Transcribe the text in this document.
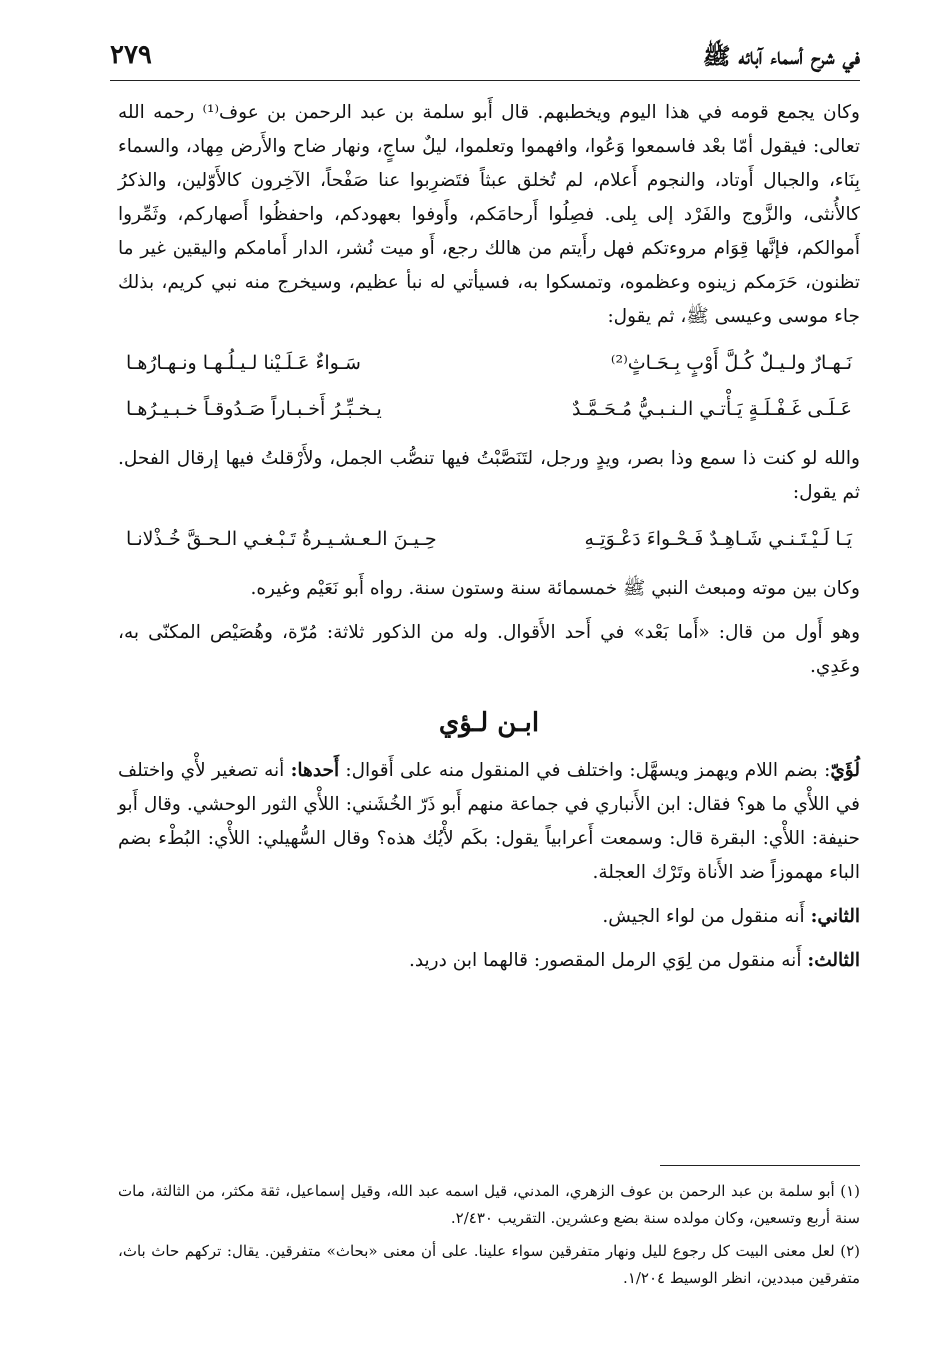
في شرح أسماء آبائه ﷺ
٢٧٩

وكان يجمع قومه في هذا اليوم ويخطبهم. قال أَبو سلمة بن عبد الرحمن بن عوف⁽¹⁾ رحمه الله تعالى: فيقول أمّا بعْد فاسمعوا وَعُوا، وافهموا وتعلموا، ليلٌ ساجٍ، ونهار ضاح والأَرض مِهاد، والسماء بِنَاء، والجبال أَوتاد، والنجوم أَعلام، لم تُخلق عبثاً فتَضرِبوا عنا صَفْحاً، الآخِرون كالأَوّلين، والذكرُ كالأُنثى، والزَّوج والفَرْد إلى بِلى. فصِلُوا أَرحامَكم، وأَوفوا بعهودكم، واحفظُوا أَصهاركم، وثَمِّروا أَموالكم، فإنَّها قِوَام مروءتكم فهل رأَيتم من هالك رجع، أَو ميت نُشر، الدار أَمامكم واليقين غير ما تظنون، حَرَمكم زينوه وعظموه، وتمسكوا به، فسيأتي له نبأ عظيم، وسيخرج منه نبي كريم، بذلك جاء موسى وعيسى ﷺ، ثم يقول:

نَـهـارٌ ولـيـلٌ كُـلَّ أَوْبٍ بِـحَـاثٍ⁽²⁾
سَـواءٌ عَـلَـيْنا لـيـلُـهـا ونـهـارُهـا
عَـلَـى غَـفْـلَـةٍ يَـأْتـي الـنـبـيُّ مُـحَـمَّـدٌ
يـخـبِّـرُ أَخـبـاراً صَـدُوقـاً خـبـيـرُهـا

والله لو كنت ذا سمع وذا بصر، ويدٍ ورجل، لتَنَصَّبْتُ فيها تنصُّب الجمل، ولأَرْقلتُ فيها إرقال الفحل. ثم يقول:

يَـا لَـيْـتَـنـي شَـاهِـدٌ فَـحْـواءَ دَعْـوَتِـهِ
حِـيـنَ الـعـشـيـرةُ تَـبْـغـي الـحـقَّ خُـذْلانـا

وكان بين موته ومبعث النبي ﷺ خمسمائة سنة وستون سنة. رواه أَبو نَعَيْم وغيره.

وهو أَول من قال: «أَما بَعْد» في أَحد الأَقوال. وله من الذكور ثلاثة: مُرّة، وهُصَيْص المكنّى به، وعَدِي.

ابـن لـؤي

لُؤَيّ: بضم اللام ويهمز ويسهَّل: واختلف في المنقول منه على أَقوال: أَحدها: أنه تصغير لأْي واختلف في اللأْي ما هو؟ فقال: ابن الأَنباري في جماعة منهم أَبو ذَرّ الخُشَني: اللأْي الثور الوحشي. وقال أَبو حنيفة: اللأْي: البقرة قال: وسمعت أَعرابياً يقول: بكَم لأْيُك هذه؟ وقال السُّهيلي: اللأْي: البُطْء بضم الباء مهموزاً ضد الأَناة وتَرْك العجلة.

الثاني: أَنه منقول من لواء الجيش.

الثالث: أَنه منقول من لِوَي الرمل المقصور: قالهما ابن دريد.

(١) أبو سلمة بن عبد الرحمن بن عوف الزهري، المدني، قيل اسمه عبد الله، وقيل إسماعيل، ثقة مكثر، من الثالثة، مات سنة أربع وتسعين، وكان مولده سنة بضع وعشرين. التقريب ٢/٤٣٠.

(٢) لعل معنى البيت كل رجوع لليل ونهار متفرقين سواء علينا. على أن معنى «بحاث» متفرقين. يقال: تركهم حاث باث، متفرقين مبددين، انظر الوسيط ١/٢٠٤.
